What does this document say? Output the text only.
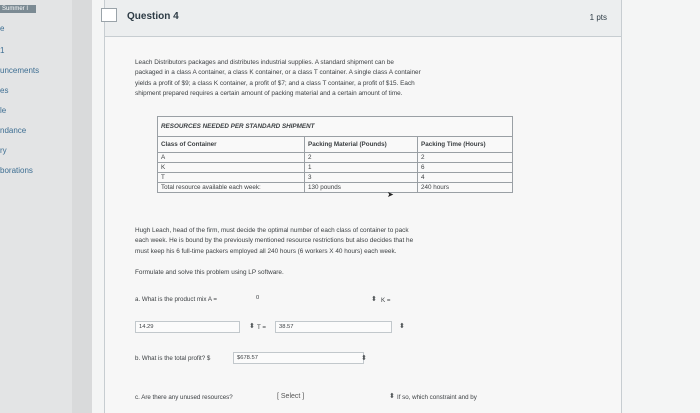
Summer I
e
1
uncements
es
le
ndance
ry
borations
Question 4	1 pts
Leach Distributors packages and distributes industrial supplies. A standard shipment can be
packaged in a class A container, a class K container, or a class T container. A single class A container
yields a profit of $9; a class K container, a profit of $7; and a class T container, a profit of $15. Each
shipment prepared requires a certain amount of packing material and a certain amount of time.
RESOURCES NEEDED PER STANDARD SHIPMENT		
Class of Container	Packing Material (Pounds)	Packing Time (Hours)
A	2	2
K	1	6
T	3	4
Total resource available each week:	130 pounds	240 hours
➤
Hugh Leach, head of the firm, must decide the optimal number of each class of container to pack
each week. He is bound by the previously mentioned resource restrictions but also decides that he
must keep his 6 full-time packers employed all 240 hours (6 workers X 40 hours) each week.
Formulate and solve this problem using LP software.
a. What is the product mix A =	0	⬍ K =
14.29	⬍ T =	38.57	⬍
b. What is the total profit? $	$678.57	⬍
c. Are there any unused resources?	[ Select ]	⬍ If so, which constraint and by
